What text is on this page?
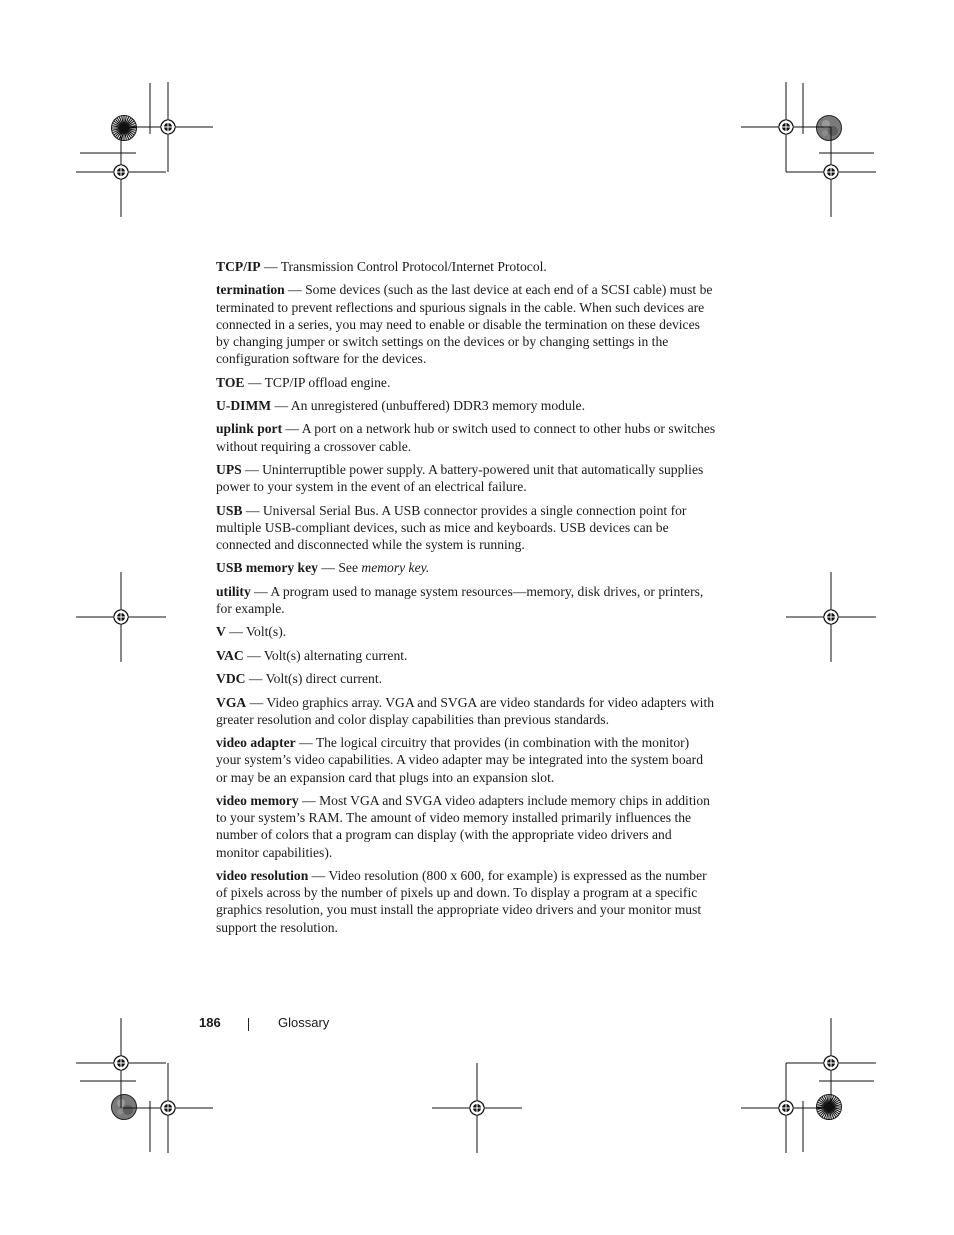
TCP/IP — Transmission Control Protocol/Internet Protocol.

termination — Some devices (such as the last device at each end of a SCSI cable) must be terminated to prevent reflections and spurious signals in the cable. When such devices are connected in a series, you may need to enable or disable the termination on these devices by changing jumper or switch settings on the devices or by changing settings in the configuration software for the devices.

TOE — TCP/IP offload engine.

U-DIMM — An unregistered (unbuffered) DDR3 memory module.

uplink port — A port on a network hub or switch used to connect to other hubs or switches without requiring a crossover cable.

UPS — Uninterruptible power supply. A battery-powered unit that automatically supplies power to your system in the event of an electrical failure.

USB — Universal Serial Bus. A USB connector provides a single connection point for multiple USB-compliant devices, such as mice and keyboards. USB devices can be connected and disconnected while the system is running.

USB memory key — See memory key.

utility — A program used to manage system resources—memory, disk drives, or printers, for example.

V — Volt(s).

VAC — Volt(s) alternating current.

VDC — Volt(s) direct current.

VGA — Video graphics array. VGA and SVGA are video standards for video adapters with greater resolution and color display capabilities than previous standards.

video adapter — The logical circuitry that provides (in combination with the monitor) your system’s video capabilities. A video adapter may be integrated into the system board or may be an expansion card that plugs into an expansion slot.

video memory — Most VGA and SVGA video adapters include memory chips in addition to your system’s RAM. The amount of video memory installed primarily influences the number of colors that a program can display (with the appropriate video drivers and monitor capabilities).

video resolution — Video resolution (800 x 600, for example) is expressed as the number of pixels across by the number of pixels up and down. To display a program at a specific graphics resolution, you must install the appropriate video drivers and your monitor must support the resolution.

186	Glossary
